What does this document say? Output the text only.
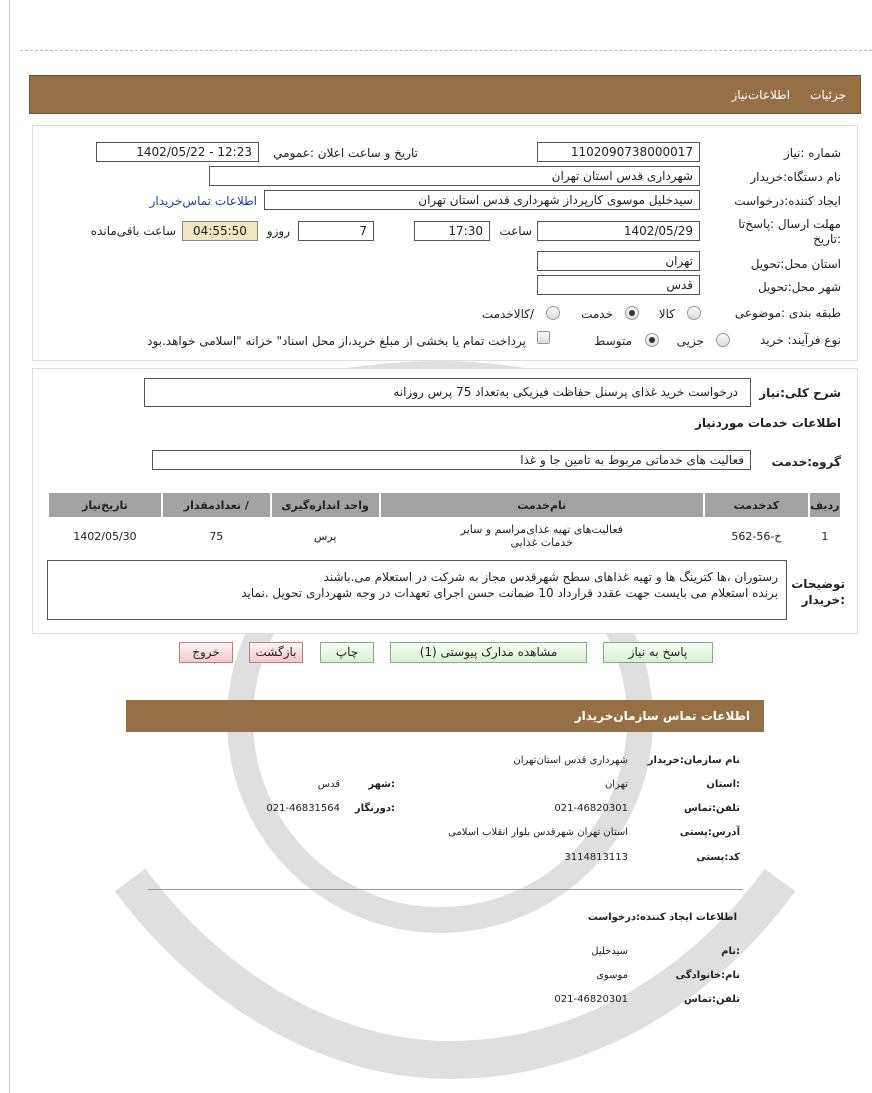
جزئیات
اطلاعات‌نیاز
شماره :نیاز
1102090738000017
تاریخ و ساعت اعلان :عمومي
1402/05/22 - 12:23
نام دستگاه:خریدار
شهرداری قدس استان تهران
ایجاد کننده:درخواست
سیدخلیل موسوی کارپرداز شهرداری قدس استان تهران
اطلاعات تماس‌خریدار
مهلت ارسال :پاسخ‌تا
:تاریخ
1402/05/29
ساعت
17:30
7
روزو
04:55:50
ساعت باقی‌مانده
استان محل:تحویل
تهران
شهر محل:تحویل
قدس
طبقه بندی :موضوعی
کالا
خدمت
/کالاخدمت
نوع فرآیند: خرید
جزیی
متوسط
پرداخت تمام یا بخشی از مبلغ خرید،از محل اسناد" خزانه "اسلامی خواهد.بود
شرح کلی:نیاز
درخواست خرید غذای پرسنل حفاظت فیزیکی به‌تعداد 75 پرس روزانه
اطلاعات خدمات موردنیاز
گروه:خدمت
فعالیت های خدماتی مربوط به تامین جا و غذا
ردیف	کدخدمت	نام‌خدمت	واحد اندازه‌گیری	/ تعدادمقدار	تاریخ‌نیاز
1	خ-56-562	فعالیت‌های تهیه غذای‌مراسم و سایر
خدمات غذایی	پرس	75	1402/05/30
توضیحات
:خریدار
رستوران ،ها کترینگ ها و تهیه غذاهای سطح شهرقدس مجاز به شرکت در استعلام می.باشند
برنده استعلام می بایست جهت عقدد قرارداد 10 ضمانت حسن اجرای تعهدات در وجه شهرداری تحویل .نماید
پاسخ به نیاز
مشاهده مدارک پیوستی (1)
چاپ
بازگشت
خروج
اطلاعات تماس سازمان‌خریدار
نام سازمان:خریدار
شهرداری قدس استان‌تهران
:استان
تهران
:شهر
قدس
تلفن:تماس
021-46820301
:دورنگار
021-46831564
آدرس:پستی
استان تهران شهرقدس بلوار انقلاب اسلامی
کد:پستی
3114813113
اطلاعات ایجاد کننده:درخواست
:نام
سیدخلیل
نام:خانوادگی
موسوی
تلفن:تماس
021-46820301
